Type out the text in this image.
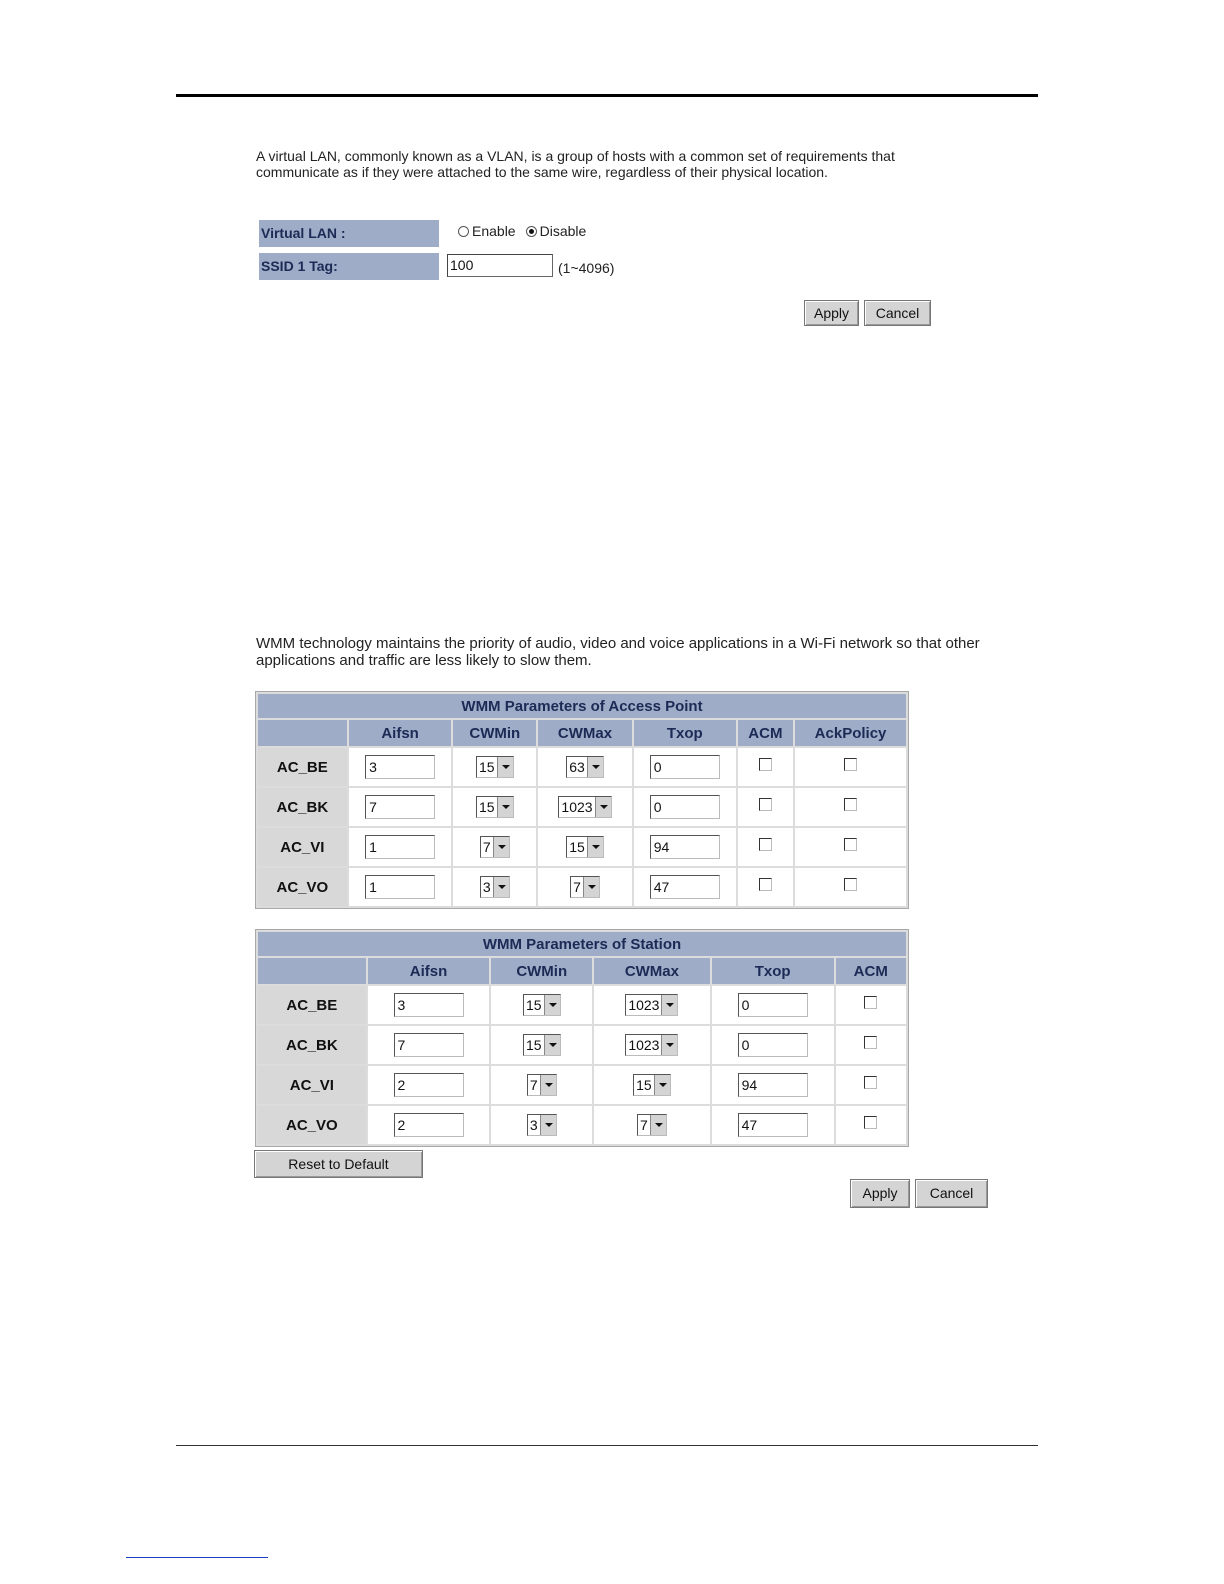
A virtual LAN, commonly known as a VLAN, is a group of hosts with a common set of requirements that communicate as if they were attached to the same wire, regardless of their physical location.

Virtual LAN :	Enable Disable
SSID 1 Tag:	100	(1~4096)
Apply	Cancel

WMM technology maintains the priority of audio, video and voice applications in a Wi-Fi network so that other applications and traffic are less likely to slow them.

WMM Parameters of Access Point						
	Aifsn	CWMin	CWMax	Txop	ACM	AckPolicy
AC_BE	3	15	63	0		
AC_BK	7	15	1023	0		
AC_VI	1	7	15	94		
AC_VO	1	3	7	47		
WMM Parameters of Station					
	Aifsn	CWMin	CWMax	Txop	ACM
AC_BE	3	15	1023	0	
AC_BK	7	15	1023	0	
AC_VI	2	7	15	94	
AC_VO	2	3	7	47	
Reset to Default
Apply	Cancel
